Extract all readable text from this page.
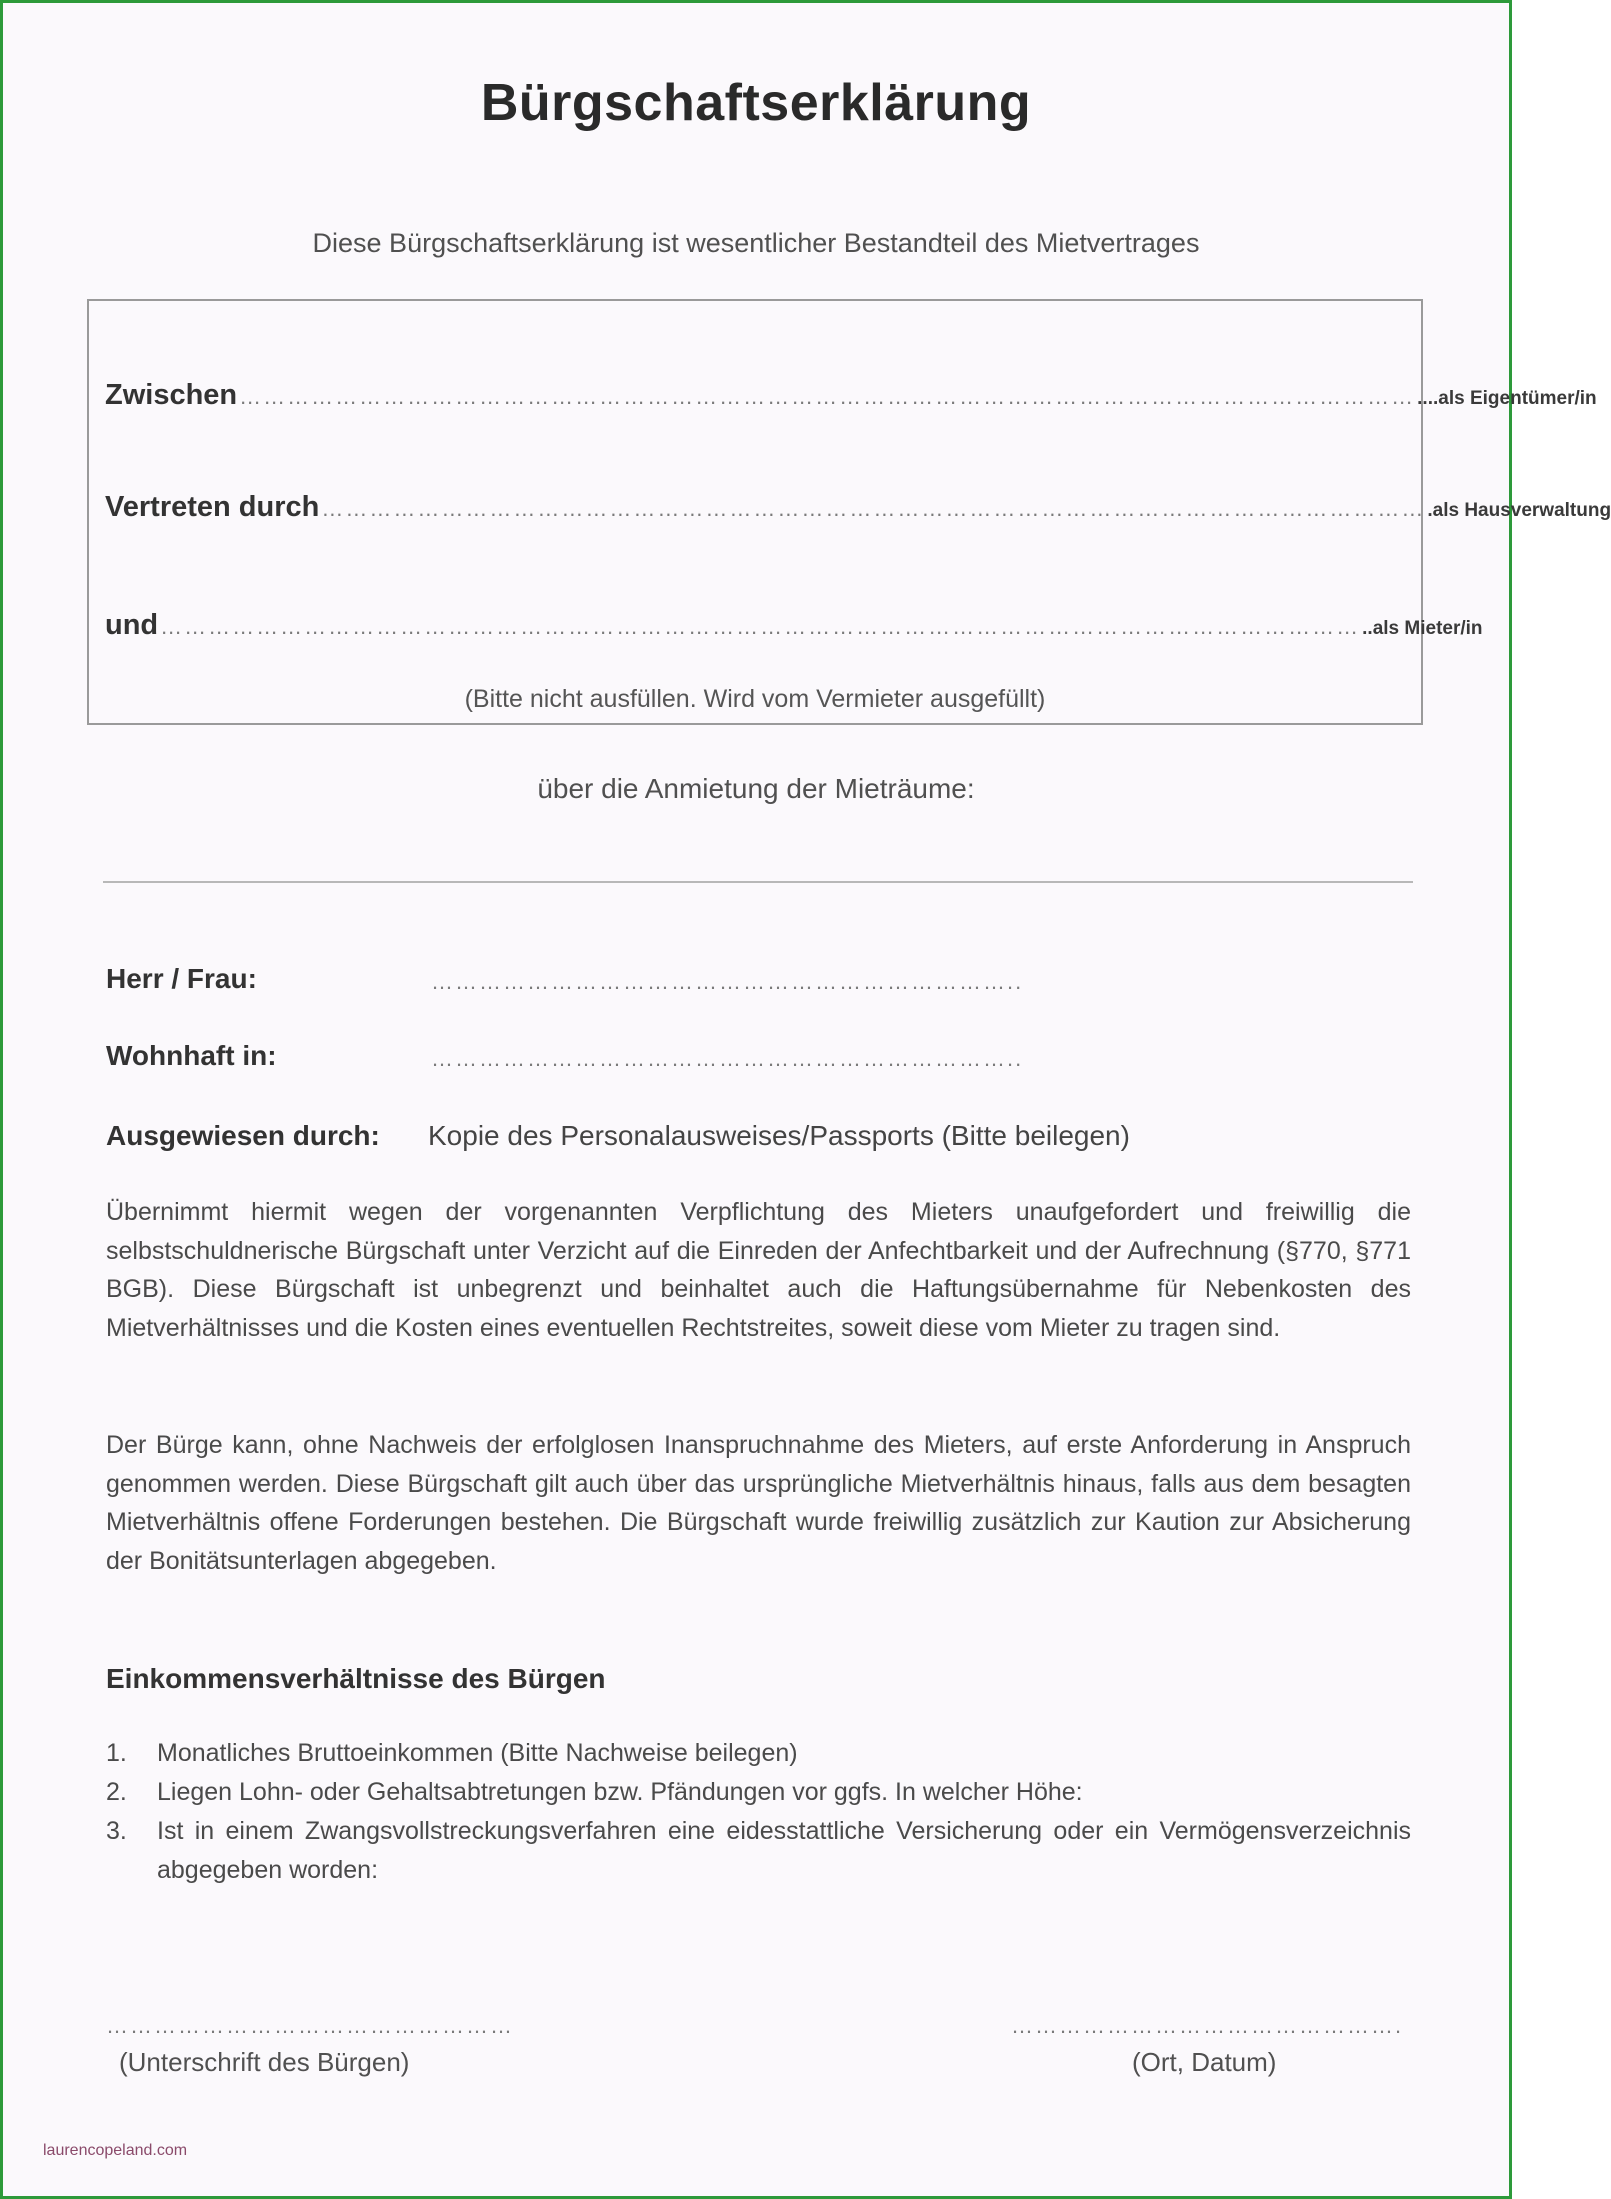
Bürgschaftserklärung
Diese Bürgschaftserklärung ist wesentlicher Bestandteil des Mietvertrages
Zwischen ………………………………………………………………………………………………………………………………… ....als Eigentümer/in
Vertreten durch ………………………………………………………………………………………………………………………… .als Hausverwaltung
und …………………………………………………………………………………………………………………………………… ..als Mieter/in
(Bitte nicht ausfüllen. Wird vom Vermieter ausgefüllt)
über die Anmietung der Mieträume:
Herr / Frau:	………………………………………………………………..
Wohnhaft in:	………………………………………………………………..
Ausgewiesen durch: Kopie des Personalausweises/Passports (Bitte beilegen)
Übernimmt hiermit wegen der vorgenannten Verpflichtung des Mieters unaufgefordert und freiwillig die selbstschuldnerische Bürgschaft unter Verzicht auf die Einreden der Anfechtbarkeit und der Aufrechnung (§770, §771 BGB). Diese Bürgschaft ist unbegrenzt und beinhaltet auch die Haftungsübernahme für Nebenkosten des Mietverhältnisses und die Kosten eines eventuellen Rechtstreites, soweit diese vom Mieter zu tragen sind.
Der Bürge kann, ohne Nachweis der erfolglosen Inanspruchnahme des Mieters, auf erste Anforderung in Anspruch genommen werden. Diese Bürgschaft gilt auch über das ursprüngliche Mietverhältnis hinaus, falls aus dem besagten Mietverhältnis offene Forderungen bestehen. Die Bürgschaft wurde freiwillig zusätzlich zur Kaution zur Absicherung der Bonitätsunterlagen abgegeben.
Einkommensverhältnisse des Bürgen
1.	Monatliches Bruttoeinkommen (Bitte Nachweise beilegen)
2.	Liegen Lohn- oder Gehaltsabtretungen bzw. Pfändungen vor ggfs. In welcher Höhe:
3.	Ist in einem Zwangsvollstreckungsverfahren eine eidesstattliche Versicherung oder ein Vermögensverzeichnis abgegeben worden:
……………………………………………
(Unterschrift des Bürgen)
………………………………………….
(Ort, Datum)
laurencopeland.com
